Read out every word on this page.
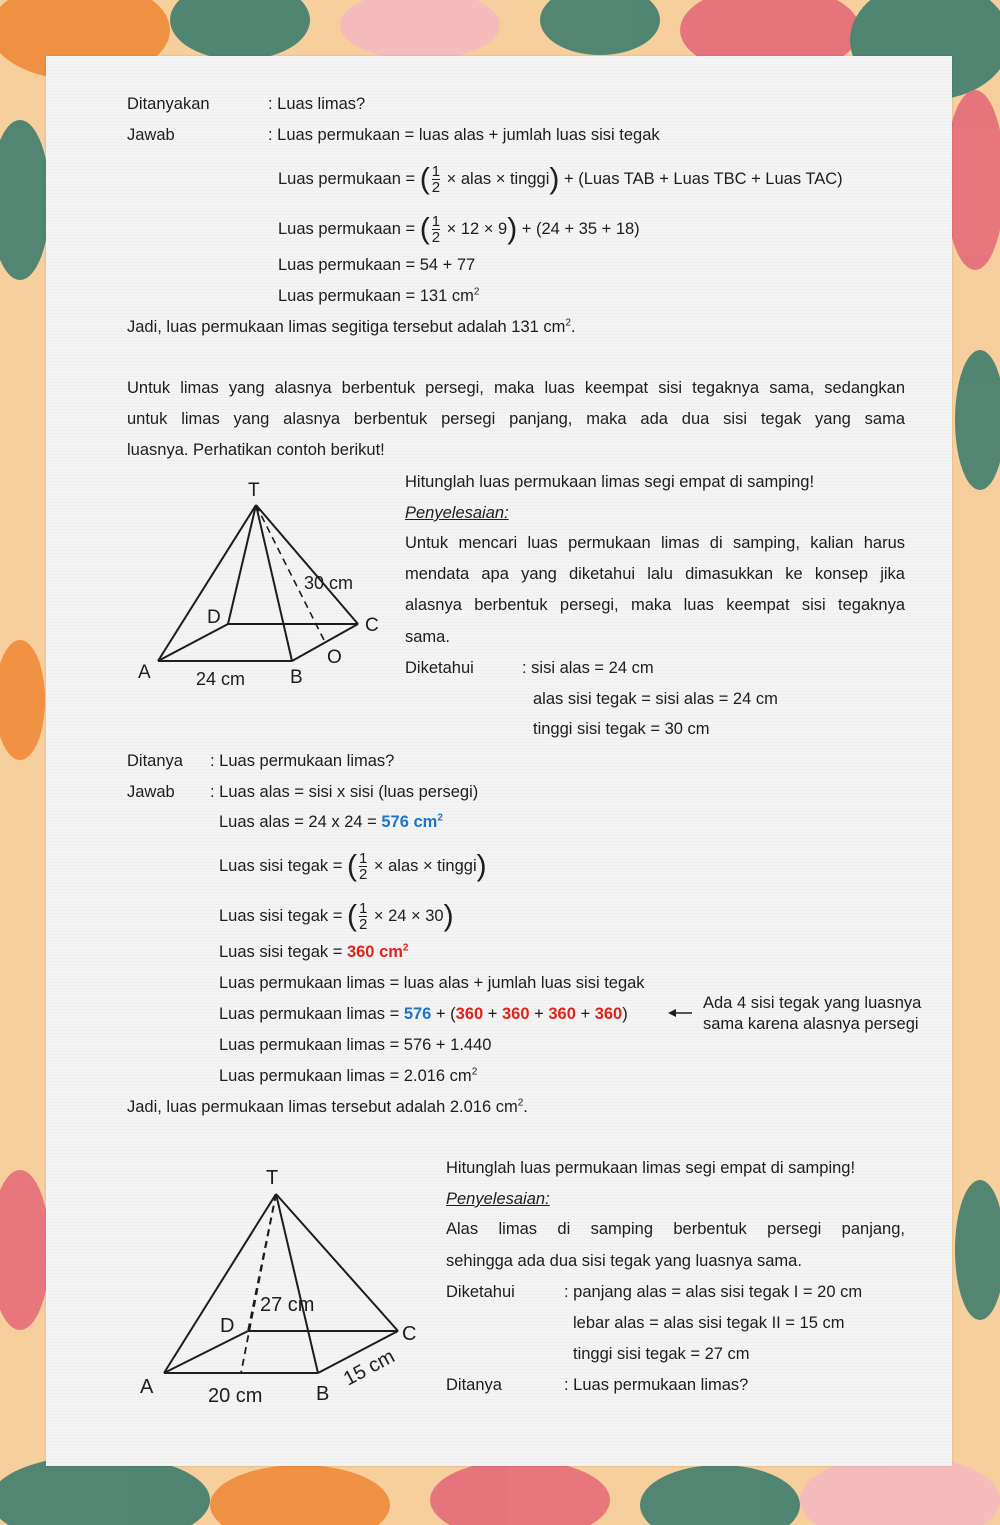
Ditanyakan	: Luas limas?
Jawab	: Luas permukaan = luas alas + jumlah luas sisi tegak
Luas permukaan = ( $\frac{1}{2}$ × alas × tinggi) + (Luas TAB + Luas TBC + Luas TAC)
Luas permukaan = ( $\frac{1}{2} \times 12 \times 9) + (24 + 35 + 18)$
Luas permukaan = 54 + 77
Luas permukaan = 131 $cm^2$
Jadi, luas permukaan limas segitiga tersebut adalah 131 $cm^2$.
Untuk limas yang alasnya berbentuk persegi, maka luas keempat sisi tegaknya sama, sedangkan
untuk limas yang alasnya berbentuk persegi panjang, maka ada dua sisi tegak yang sama
luasnya. Perhatikan contoh berikut!
T
A	B
C
D
O
24 cm
30 cm
Hitunglah luas permukaan limas segi empat di samping!
Penyelesaian:
Untuk mencari luas permukaan limas di samping, kalian harus
mendata apa yang diketahui lalu dimasukkan ke konsep jika
alasnya berbentuk persegi, maka luas keempat sisi tegaknya
sama.
Diketahui	: sisi alas = 24 cm
alas sisi tegak = sisi alas = 24 cm
tinggi sisi tegak = 30 cm
Ditanya : Luas permukaan limas?
Jawab : Luas alas = sisi x sisi (luas persegi)
Luas alas = 24 x 24 = 576 $cm^2$
Luas sisi tegak = ( $\frac{1}{2}$ × alas × tinggi)
Luas sisi tegak = ( $\frac{1}{2} \times 24 \times 30$)
Luas sisi tegak = 360 $cm^2$
Luas permukaan limas = luas alas + jumlah luas sisi tegak
Luas permukaan limas = 576 + (360 + 360 + 360 + 360)
Ada 4 sisi tegak yang luasnya
sama karena alasnya persegi
Luas permukaan limas = 576 + 1.440
Luas permukaan limas = 2.016 $cm^2$
Jadi, luas permukaan limas tersebut adalah 2.016 $cm^2$.
T
A	B
C
D
20 cm
27 cm
15 cm
Hitunglah luas permukaan limas segi empat di samping!
Penyelesaian:
Alas limas di samping berbentuk persegi panjang,
sehingga ada dua sisi tegak yang luasnya sama.
Diketahui	: panjang alas = alas sisi tegak I = 20 cm
lebar alas = alas sisi tegak II = 15 cm
tinggi sisi tegak = 27 cm
Ditanya	: Luas permukaan limas?
